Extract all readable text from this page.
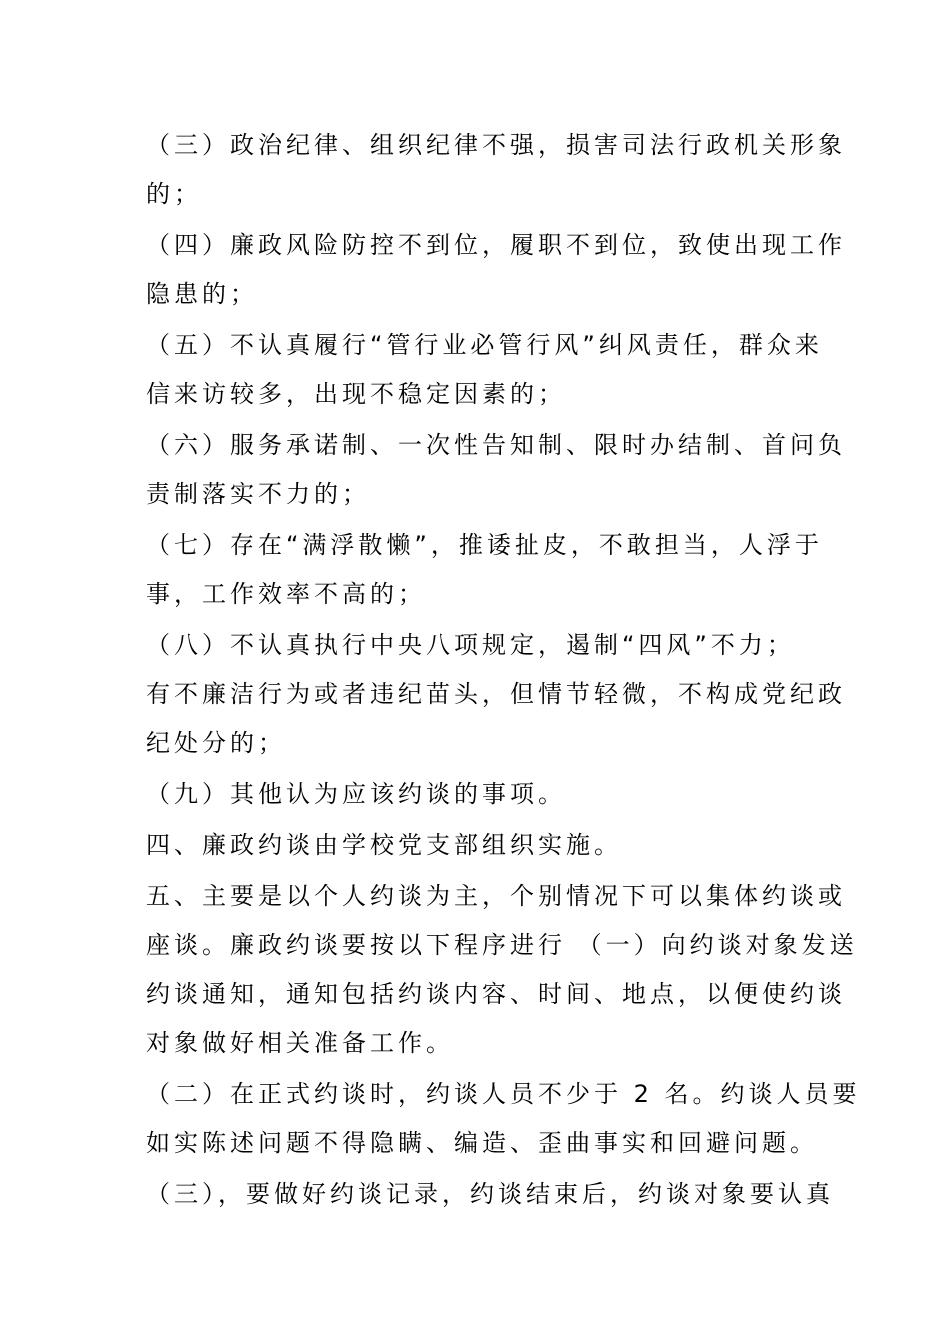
（三）政治纪律、组织纪律不强，损害司法行政机关形象
的；
（四）廉政风险防控不到位，履职不到位，致使出现工作
隐患的；
（五）不认真履行“管行业必管行风”纠风责任，群众来
信来访较多，出现不稳定因素的；
（六）服务承诺制、一次性告知制、限时办结制、首问负
责制落实不力的；
（七）存在“满浮散懒”，推诿扯皮，不敢担当，人浮于
事，工作效率不高的；
（八）不认真执行中央八项规定，遏制“四风”不力；
有不廉洁行为或者违纪苗头，但情节轻微，不构成党纪政
纪处分的；
（九）其他认为应该约谈的事项。
四、廉政约谈由学校党支部组织实施。
五、主要是以个人约谈为主，个别情况下可以集体约谈或
座谈。廉政约谈要按以下程序进行 （一）向约谈对象发送
约谈通知，通知包括约谈内容、时间、地点，以便使约谈
对象做好相关准备工作。
（二）在正式约谈时，约谈人员不少于 2 名。约谈人员要
如实陈述问题不得隐瞒、编造、歪曲事实和回避问题。
（三），要做好约谈记录，约谈结束后，约谈对象要认真
